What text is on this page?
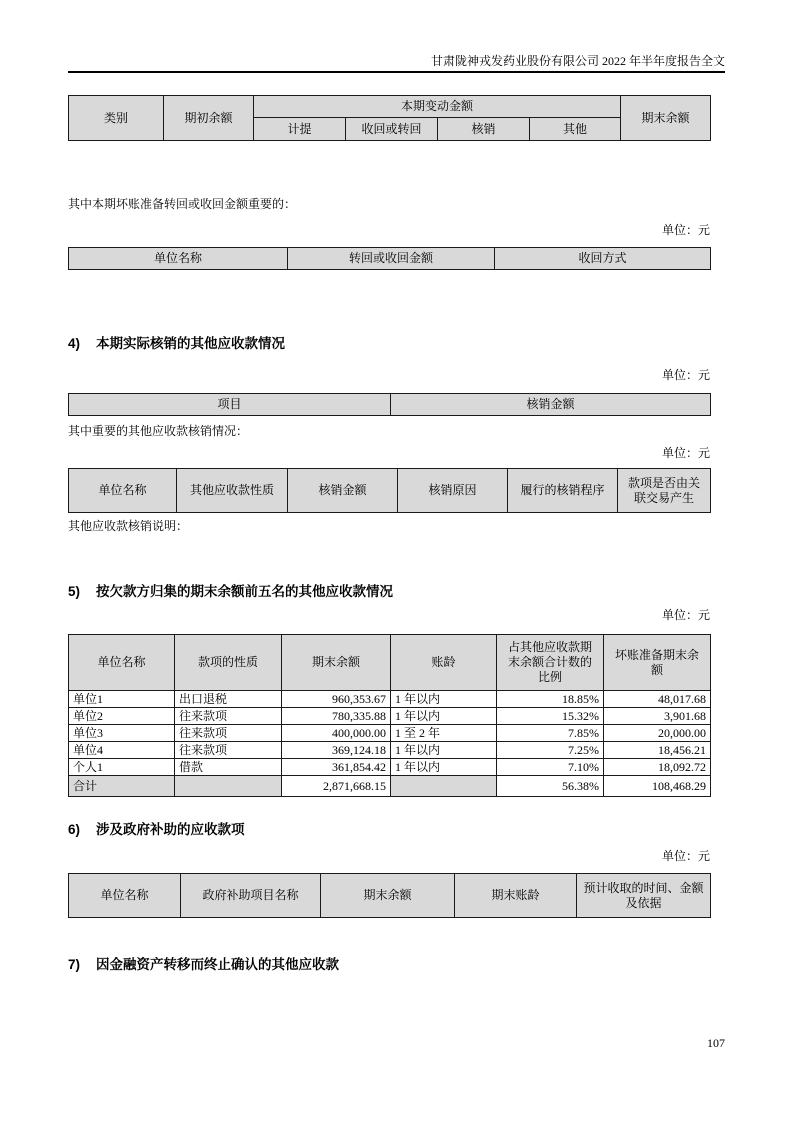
甘肃陇神戎发药业股份有限公司 2022 年半年度报告全文
类别	期初余额	本期变动金额				期末余额
		计提	收回或转回	核销	其他	
其中本期坏账准备转回或收回金额重要的：
单位：元
单位名称	转回或收回金额	收回方式
4) 本期实际核销的其他应收款情况
单位：元
项目	核销金额
其中重要的其他应收款核销情况：
单位：元
单位名称	其他应收款性质	核销金额	核销原因	履行的核销程序	款项是否由关联交易产生
其他应收款核销说明：
5) 按欠款方归集的期末余额前五名的其他应收款情况
单位：元
单位名称	款项的性质	期末余额	账龄	占其他应收款期末余额合计数的比例	坏账准备期末余额
单位1	出口退税	960,353.67	1 年以内	18.85%	48,017.68
单位2	往来款项	780,335.88	1 年以内	15.32%	3,901.68
单位3	往来款项	400,000.00	1 至 2 年	7.85%	20,000.00
单位4	往来款项	369,124.18	1 年以内	7.25%	18,456.21
个人1	借款	361,854.42	1 年以内	7.10%	18,092.72
合计		2,871,668.15		56.38%	108,468.29
6) 涉及政府补助的应收款项
单位：元
单位名称	政府补助项目名称	期末余额	期末账龄	预计收取的时间、金额及依据
7) 因金融资产转移而终止确认的其他应收款
107
